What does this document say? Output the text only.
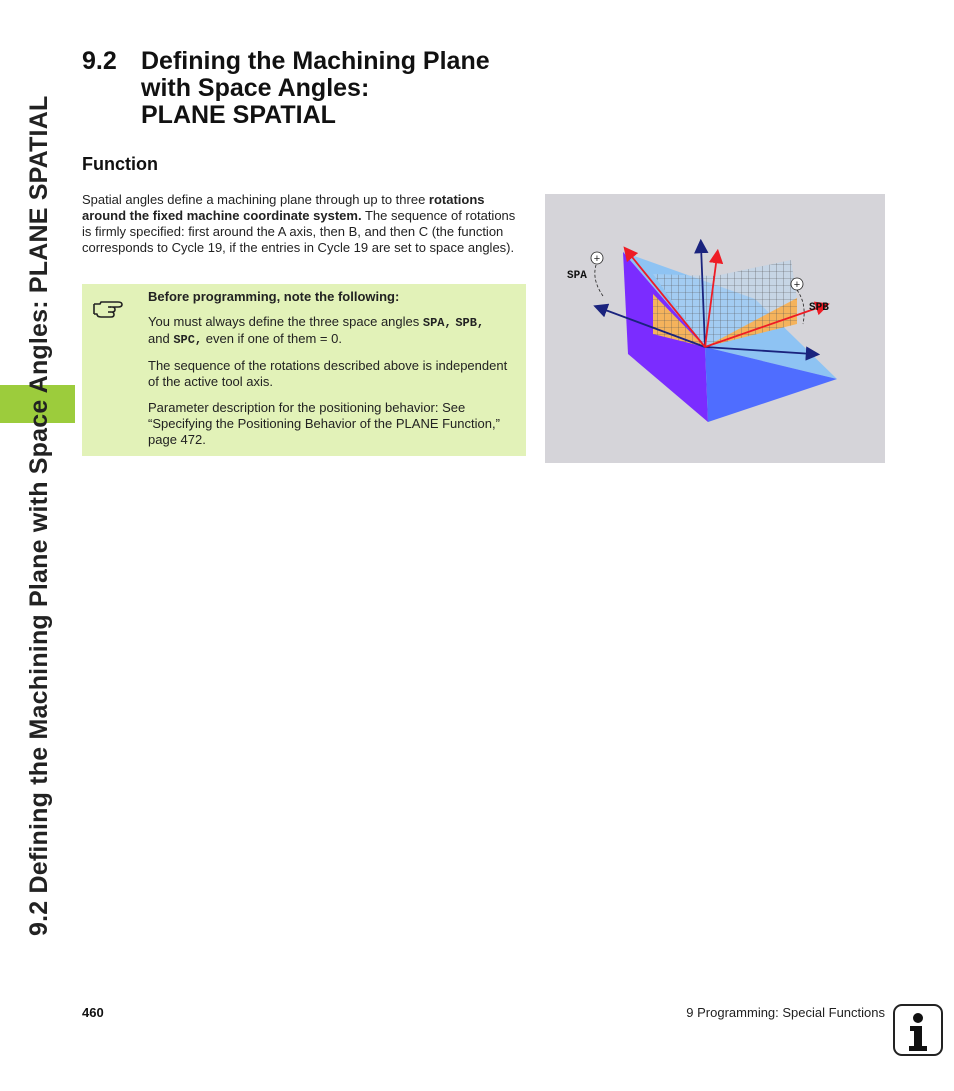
9.2 Defining the Machining Plane with Space Angles: PLANE SPATIAL
9.2 Defining the Machining Plane
with Space Angles:
PLANE SPATIAL
Function

Spatial angles define a machining plane through up to three rotations around the fixed machine coordinate system. The sequence of rotations is firmly specified: first around the A axis, then B, and then C (the function corresponds to Cycle 19, if the entries in Cycle 19 are set to space angles).

Before programming, note the following:

You must always define the three space angles SPA, SPB,
and SPC, even if one of them = 0.

The sequence of the rotations described above is independent of the active tool axis.

Parameter description for the positioning behavior: See “Specifying the Positioning Behavior of the PLANE Function,” page 472.

+
+
SPA
SPB
460	9 Programming: Special Functions
